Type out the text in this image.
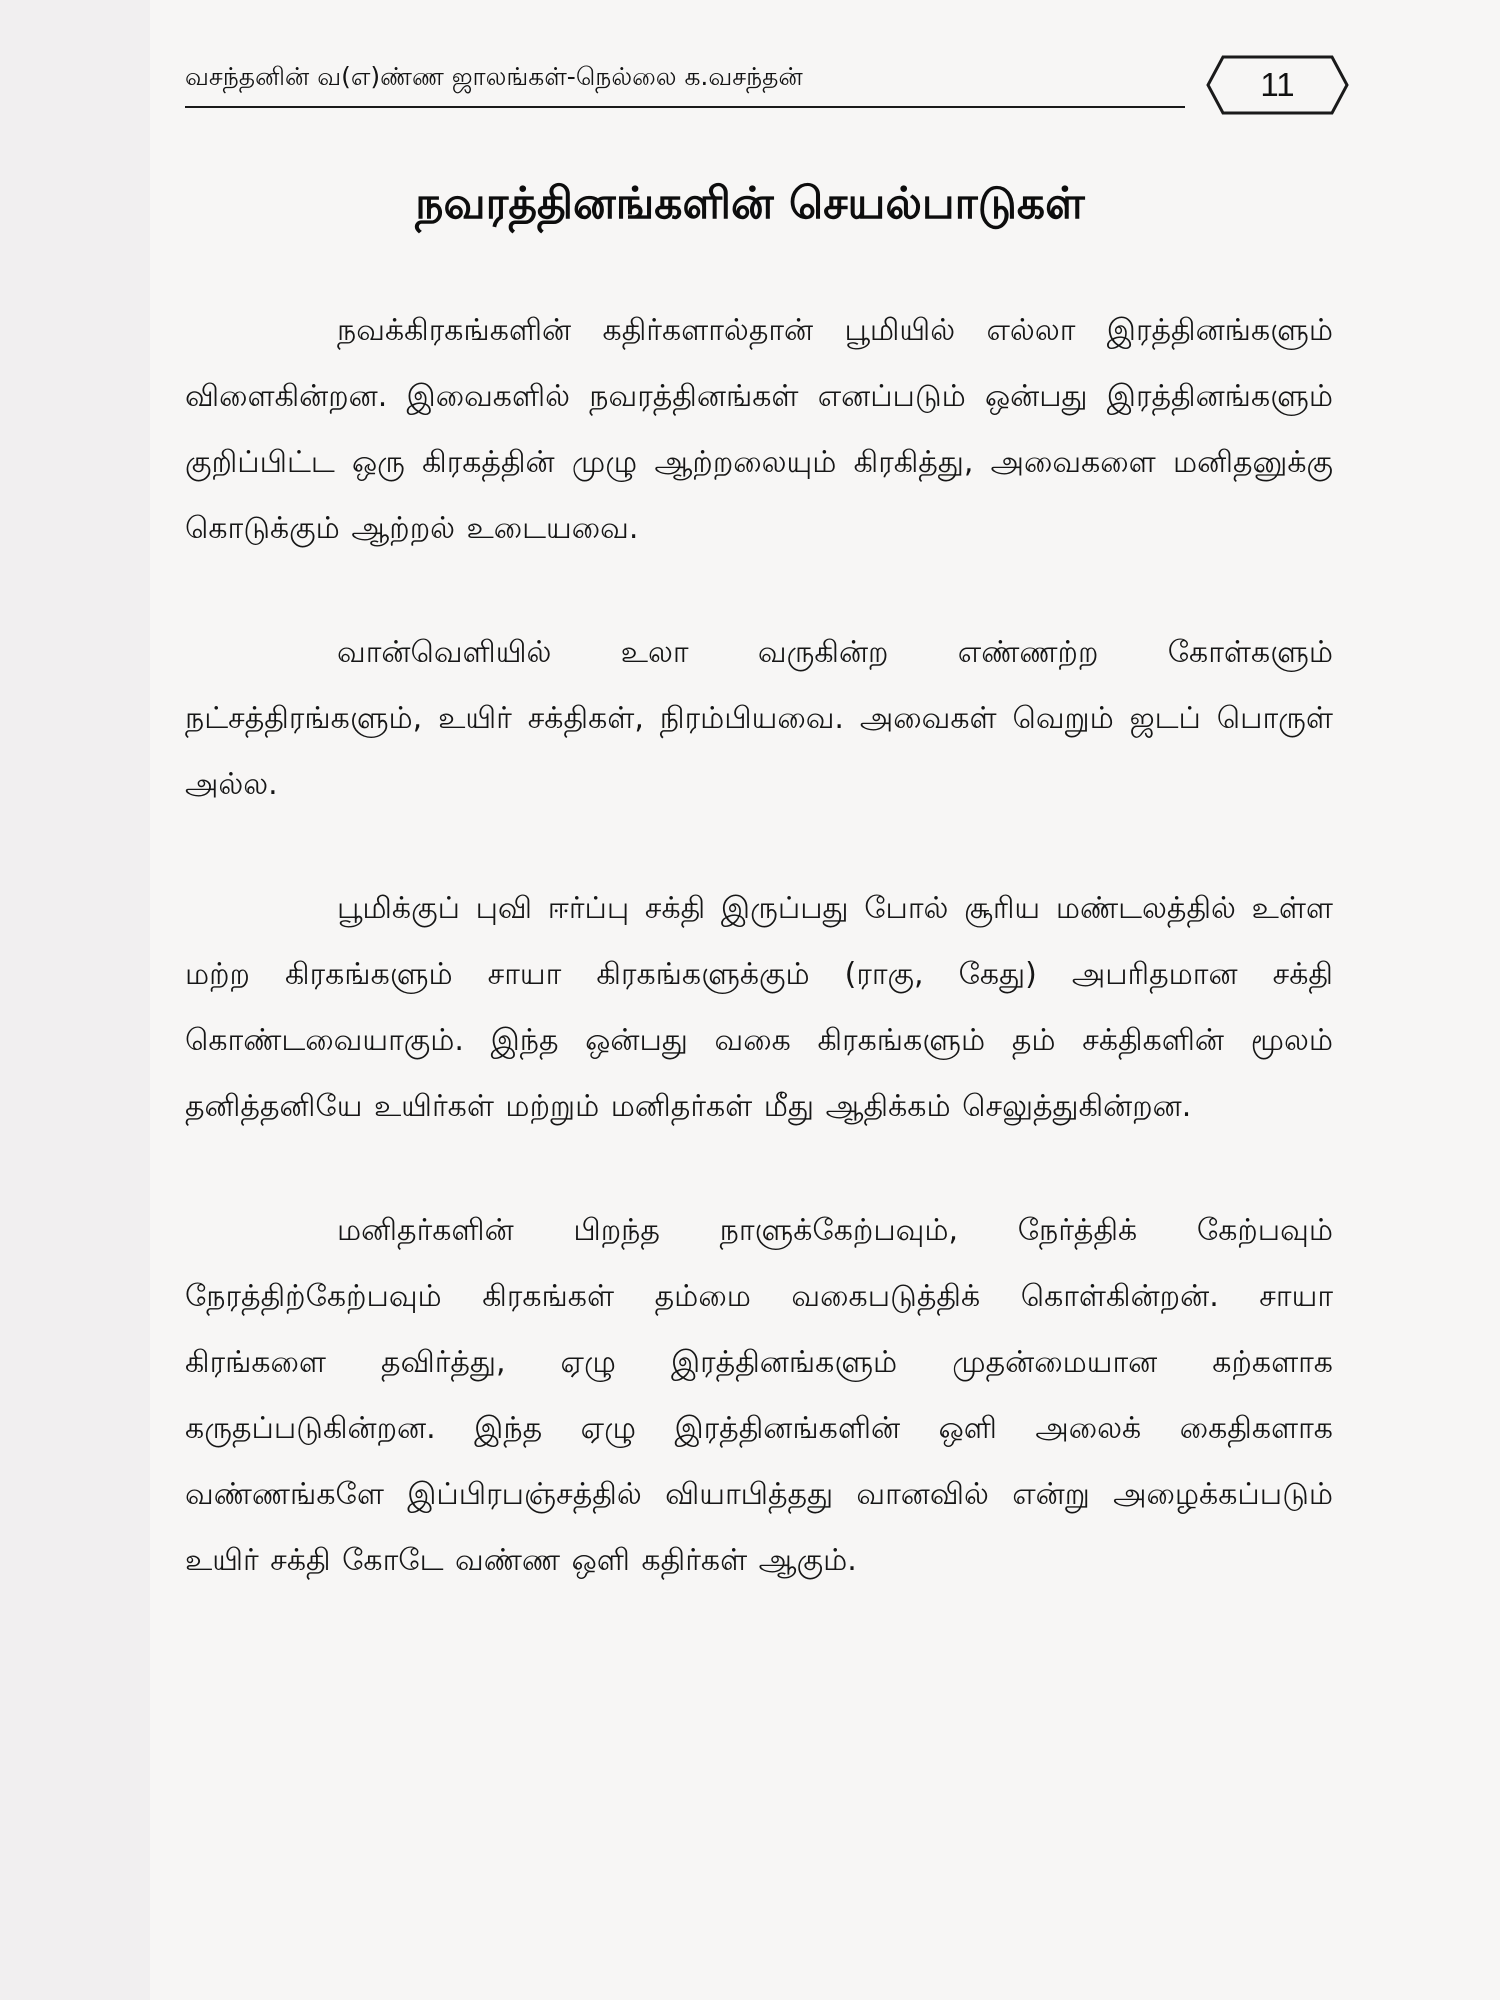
வசந்தனின் வ(எ)ண்ண ஜாலங்கள்-நெல்லை க.வசந்தன்	11
நவரத்தினங்களின் செயல்பாடுகள்

நவக்கிரகங்களின் கதிர்களால்தான் பூமியில் எல்லா இரத்தினங்களும் விளைகின்றன. இவைகளில் நவரத்தினங்கள் எனப்படும் ஒன்பது இரத்தினங்களும் குறிப்பிட்ட ஒரு கிரகத்தின் முழு ஆற்றலையும் கிரகித்து, அவைகளை மனிதனுக்கு கொடுக்கும் ஆற்றல் உடையவை.

வான்வெளியில் உலா வருகின்ற எண்ணற்ற கோள்களும் நட்சத்திரங்களும், உயிர் சக்திகள், நிரம்பியவை. அவைகள் வெறும் ஜடப் பொருள் அல்ல.

பூமிக்குப் புவி ஈர்ப்பு சக்தி இருப்பது போல் சூரிய மண்டலத்தில் உள்ள மற்ற கிரகங்களும் சாயா கிரகங்களுக்கும் (ராகு, கேது) அபரிதமான சக்தி கொண்டவையாகும். இந்த ஒன்பது வகை கிரகங்களும் தம் சக்திகளின் மூலம் தனித்தனியே உயிர்கள் மற்றும் மனிதர்கள் மீது ஆதிக்கம் செலுத்துகின்றன.

மனிதர்களின் பிறந்த நாளுக்கேற்பவும், நேர்த்திக் கேற்பவும் நேரத்திற்கேற்பவும் கிரகங்கள் தம்மை வகைபடுத்திக் கொள்கின்றன். சாயா கிரங்களை தவிர்த்து, ஏழு இரத்தினங்களும் முதன்மையான கற்களாக கருதப்படுகின்றன. இந்த ஏழு இரத்தினங்களின் ஒளி அலைக் கைதிகளாக வண்ணங்களே இப்பிரபஞ்சத்தில் வியாபித்தது வானவில் என்று அழைக்கப்படும் உயிர் சக்தி கோடே வண்ண ஒளி கதிர்கள் ஆகும்.
